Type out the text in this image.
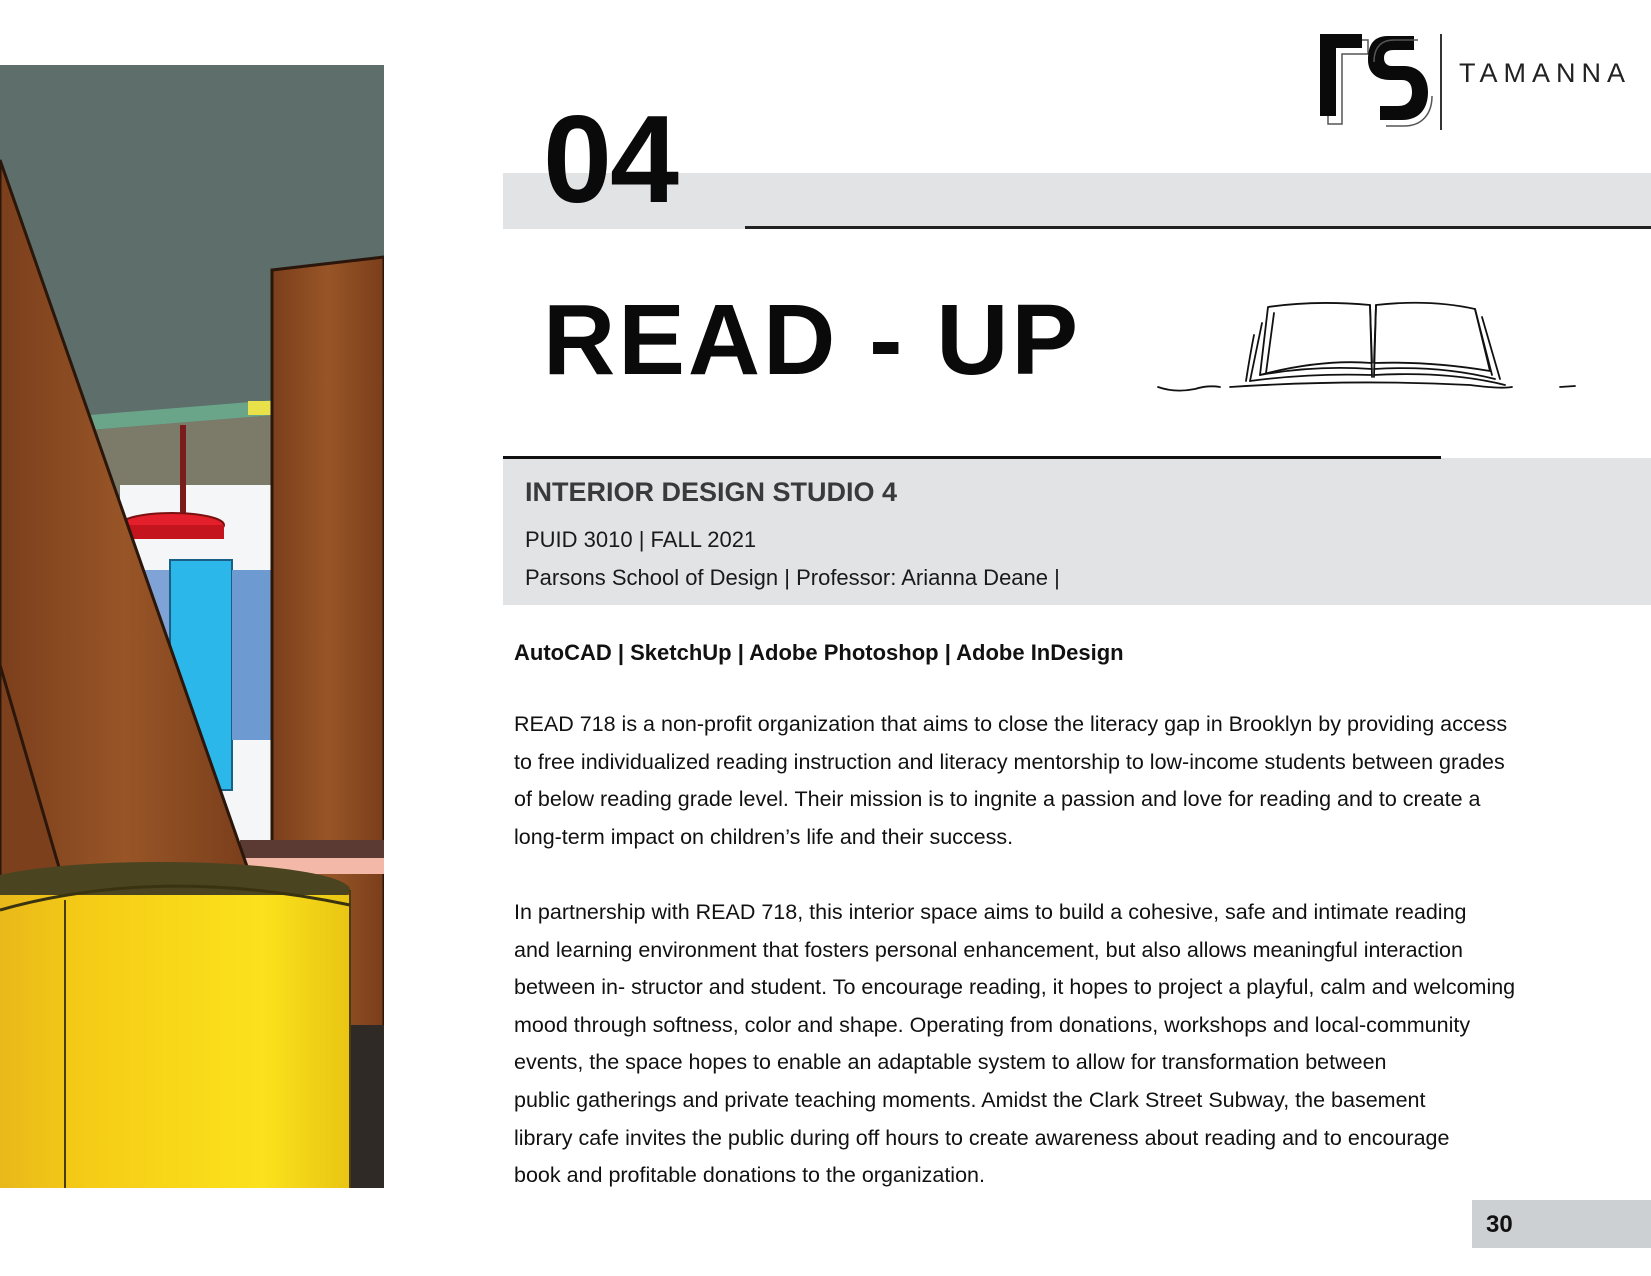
TAMANNA
04
READ - UP
INTERIOR DESIGN STUDIO 4
PUID 3010 | FALL 2021
Parsons School of Design | Professor: Arianna Deane |
AutoCAD | SketchUp | Adobe Photoshop | Adobe InDesign
READ 718 is a non-profit organization that aims to close the literacy gap in Brooklyn by providing access
to free individualized reading instruction and literacy mentorship to low-income students between grades
of below reading grade level. Their mission is to ingnite a passion and love for reading and to create a
long-term impact on children’s life and their success.
In partnership with READ 718, this interior space aims to build a cohesive, safe and intimate reading
and learning environment that fosters personal enhancement, but also allows meaningful interaction
between in- structor and student. To encourage reading, it hopes to project a playful, calm and welcoming
mood through softness, color and shape. Operating from donations, workshops and local-community
events, the space hopes to enable an adaptable system to allow for transformation between
public gatherings and private teaching moments. Amidst the Clark Street Subway, the basement
library cafe invites the public during off hours to create awareness about reading and to encourage
book and profitable donations to the organization.
30
